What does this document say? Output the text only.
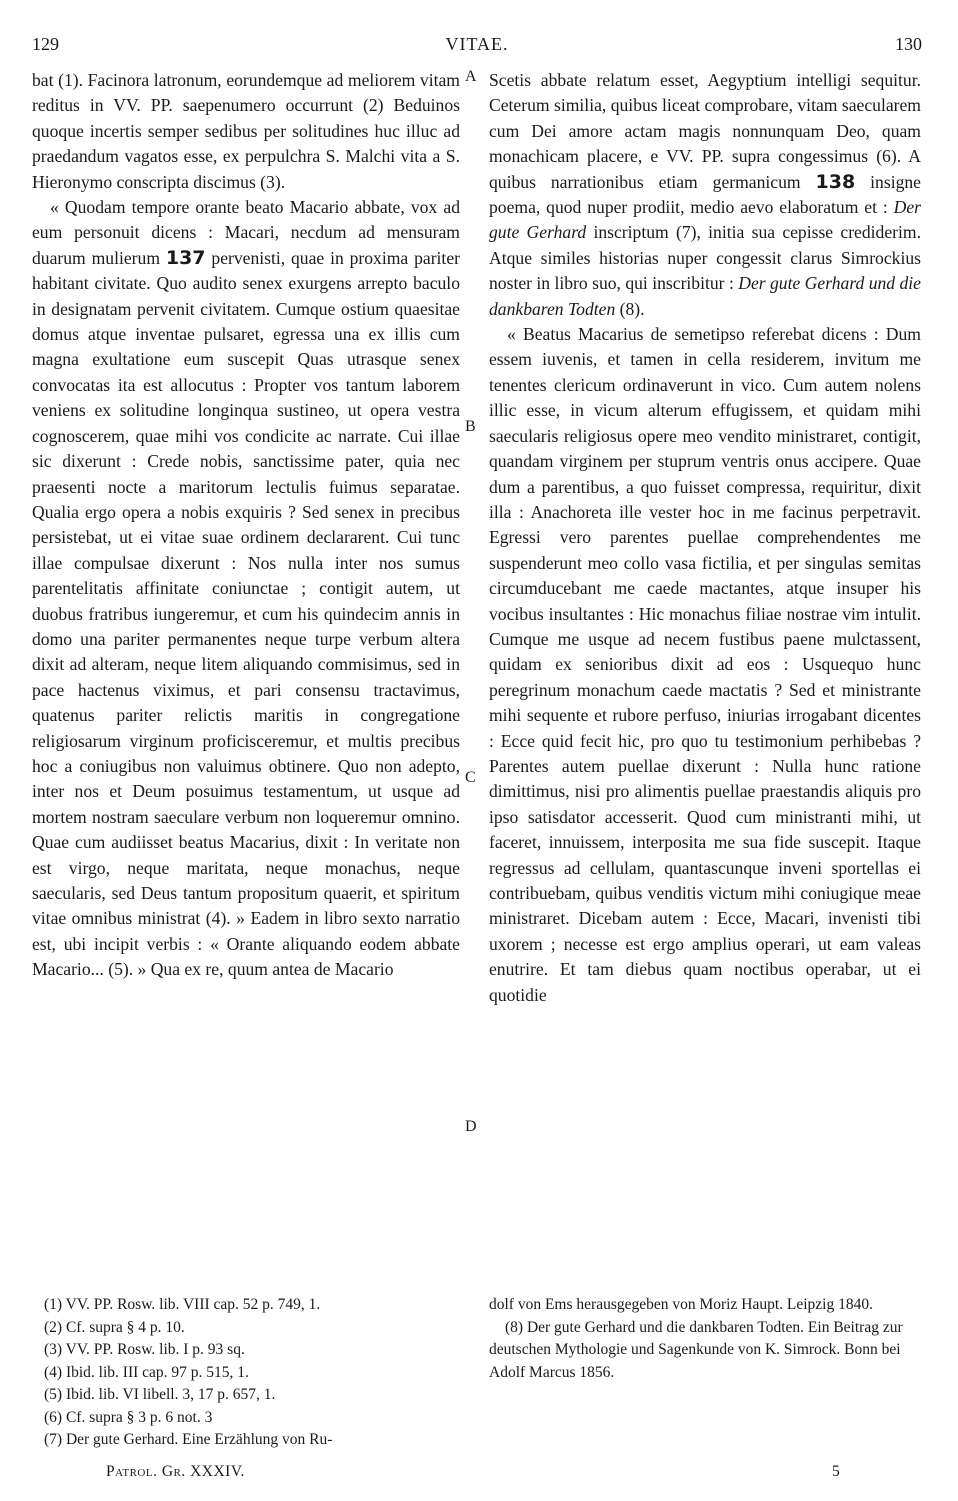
VITAE.
129	130

bat (1). Facinora latronum, eorundemque ad meliorem vitam reditus in VV. PP. saepenumero occurrunt (2) Beduinos quoque incertis semper sedibus per solitudines huc illuc ad praedandum vagatos esse, ex perpulchra S. Malchi vita a S. Hieronymo conscripta discimus (3).

« Quodam tempore orante beato Macario abbate, vox ad eum personuit dicens : Macari, necdum ad mensuram duarum mulierum 137 pervenisti, quae in proxima pariter habitant civitate. Quo audito senex exurgens arrepto baculo in designatam pervenit civitatem. Cumque ostium quaesitae domus atque inventae pulsaret, egressa una ex illis cum magna exultatione eum suscepit Quas utrasque senex convocatas ita est allocutus : Propter vos tantum laborem veniens ex solitudine longinqua sustineo, ut opera vestra cognoscerem, quae mihi vos condicite ac narrate. Cui illae sic dixerunt : Crede nobis, sanctissime pater, quia nec praesenti nocte a maritorum lectulis fuimus separatae. Qualia ergo opera a nobis exquiris ? Sed senex in precibus persistebat, ut ei vitae suae ordinem declararent. Cui tunc illae compulsae dixerunt : Nos nulla inter nos sumus parentelitatis affinitate coniunctae ; contigit autem, ut duobus fratribus iungeremur, et cum his quindecim annis in domo una pariter permanentes neque turpe verbum altera dixit ad alteram, neque litem aliquando commisimus, sed in pace hactenus viximus, et pari consensu tractavimus, quatenus pariter relictis maritis in congregatione religiosarum virginum proficisceremur, et multis precibus hoc a coniugibus non valuimus obtinere. Quo non adepto, inter nos et Deum posuimus testamentum, ut usque ad mortem nostram saeculare verbum non loqueremur omnino. Quae cum audiisset beatus Macarius, dixit : In veritate non est virgo, neque maritata, neque monachus, neque saecularis, sed Deus tantum propositum quaerit, et spiritum vitae omnibus ministrat (4). » Eadem in libro sexto narratio est, ubi incipit verbis : « Orante aliquando eodem abbate Macario... (5). » Qua ex re, quum antea de Macario

A
B
C
D

Scetis abbate relatum esset, Aegyptium intelligi sequitur. Ceterum similia, quibus liceat comprobare, vitam saecularem cum Dei amore actam magis nonnunquam Deo, quam monachicam placere, e VV. PP. supra congessimus (6). A quibus narrationibus etiam germanicum 138 insigne poema, quod nuper prodiit, medio aevo elaboratum et : Der gute Gerhard inscriptum (7), initia sua cepisse crediderim. Atque similes historias nuper congessit clarus Simrockius noster in libro suo, qui inscribitur : Der gute Gerhard und die dankbaren Todten (8).

« Beatus Macarius de semetipso referebat dicens : Dum essem iuvenis, et tamen in cella residerem, invitum me tenentes clericum ordinaverunt in vico. Cum autem nolens illic esse, in vicum alterum effugissem, et quidam mihi saecularis religiosus opere meo vendito ministraret, contigit, quandam virginem per stuprum ventris onus accipere. Quae dum a parentibus, a quo fuisset compressa, requiritur, dixit illa : Anachoreta ille vester hoc in me facinus perpetravit. Egressi vero parentes puellae comprehendentes me suspenderunt meo collo vasa fictilia, et per singulas semitas circumducebant me caede mactantes, atque insuper his vocibus insultantes : Hic monachus filiae nostrae vim intulit. Cumque me usque ad necem fustibus paene mulctassent, quidam ex senioribus dixit ad eos : Usquequo hunc peregrinum monachum caede mactatis ? Sed et ministrante mihi sequente et rubore perfuso, iniurias irrogabant dicentes : Ecce quid fecit hic, pro quo tu testimonium perhibebas ? Parentes autem puellae dixerunt : Nulla hunc ratione dimittimus, nisi pro alimentis puellae praestandis aliquis pro ipso satisdator accesserit. Quod cum ministranti mihi, ut faceret, innuissem, interposita me sua fide suscepit. Itaque regressus ad cellulam, quantascunque inveni sportellas ei contribuebam, quibus venditis victum mihi coniugique meae ministraret. Dicebam autem : Ecce, Macari, invenisti tibi uxorem ; necesse est ergo amplius operari, ut eam valeas enutrire. Et tam diebus quam noctibus operabar, ut ei quotidie

(1) VV. PP. Rosw. lib. VIII cap. 52 p. 749, 1.
(2) Cf. supra § 4 p. 10.
(3) VV. PP. Rosw. lib. I p. 93 sq.
(4) Ibid. lib. III cap. 97 p. 515, 1.
(5) Ibid. lib. VI libell. 3, 17 p. 657, 1.
(6) Cf. supra § 3 p. 6 not. 3
(7) Der gute Gerhard. Eine Erzählung von Ru-
dolf von Ems herausgegeben von Moriz Haupt. Leipzig 1840.
(8) Der gute Gerhard und die dankbaren Todten. Ein Beitrag zur deutschen Mythologie und Sagenkunde von K. Simrock. Bonn bei Adolf Marcus 1856.
Patrol. Gr. XXXIV.	5
